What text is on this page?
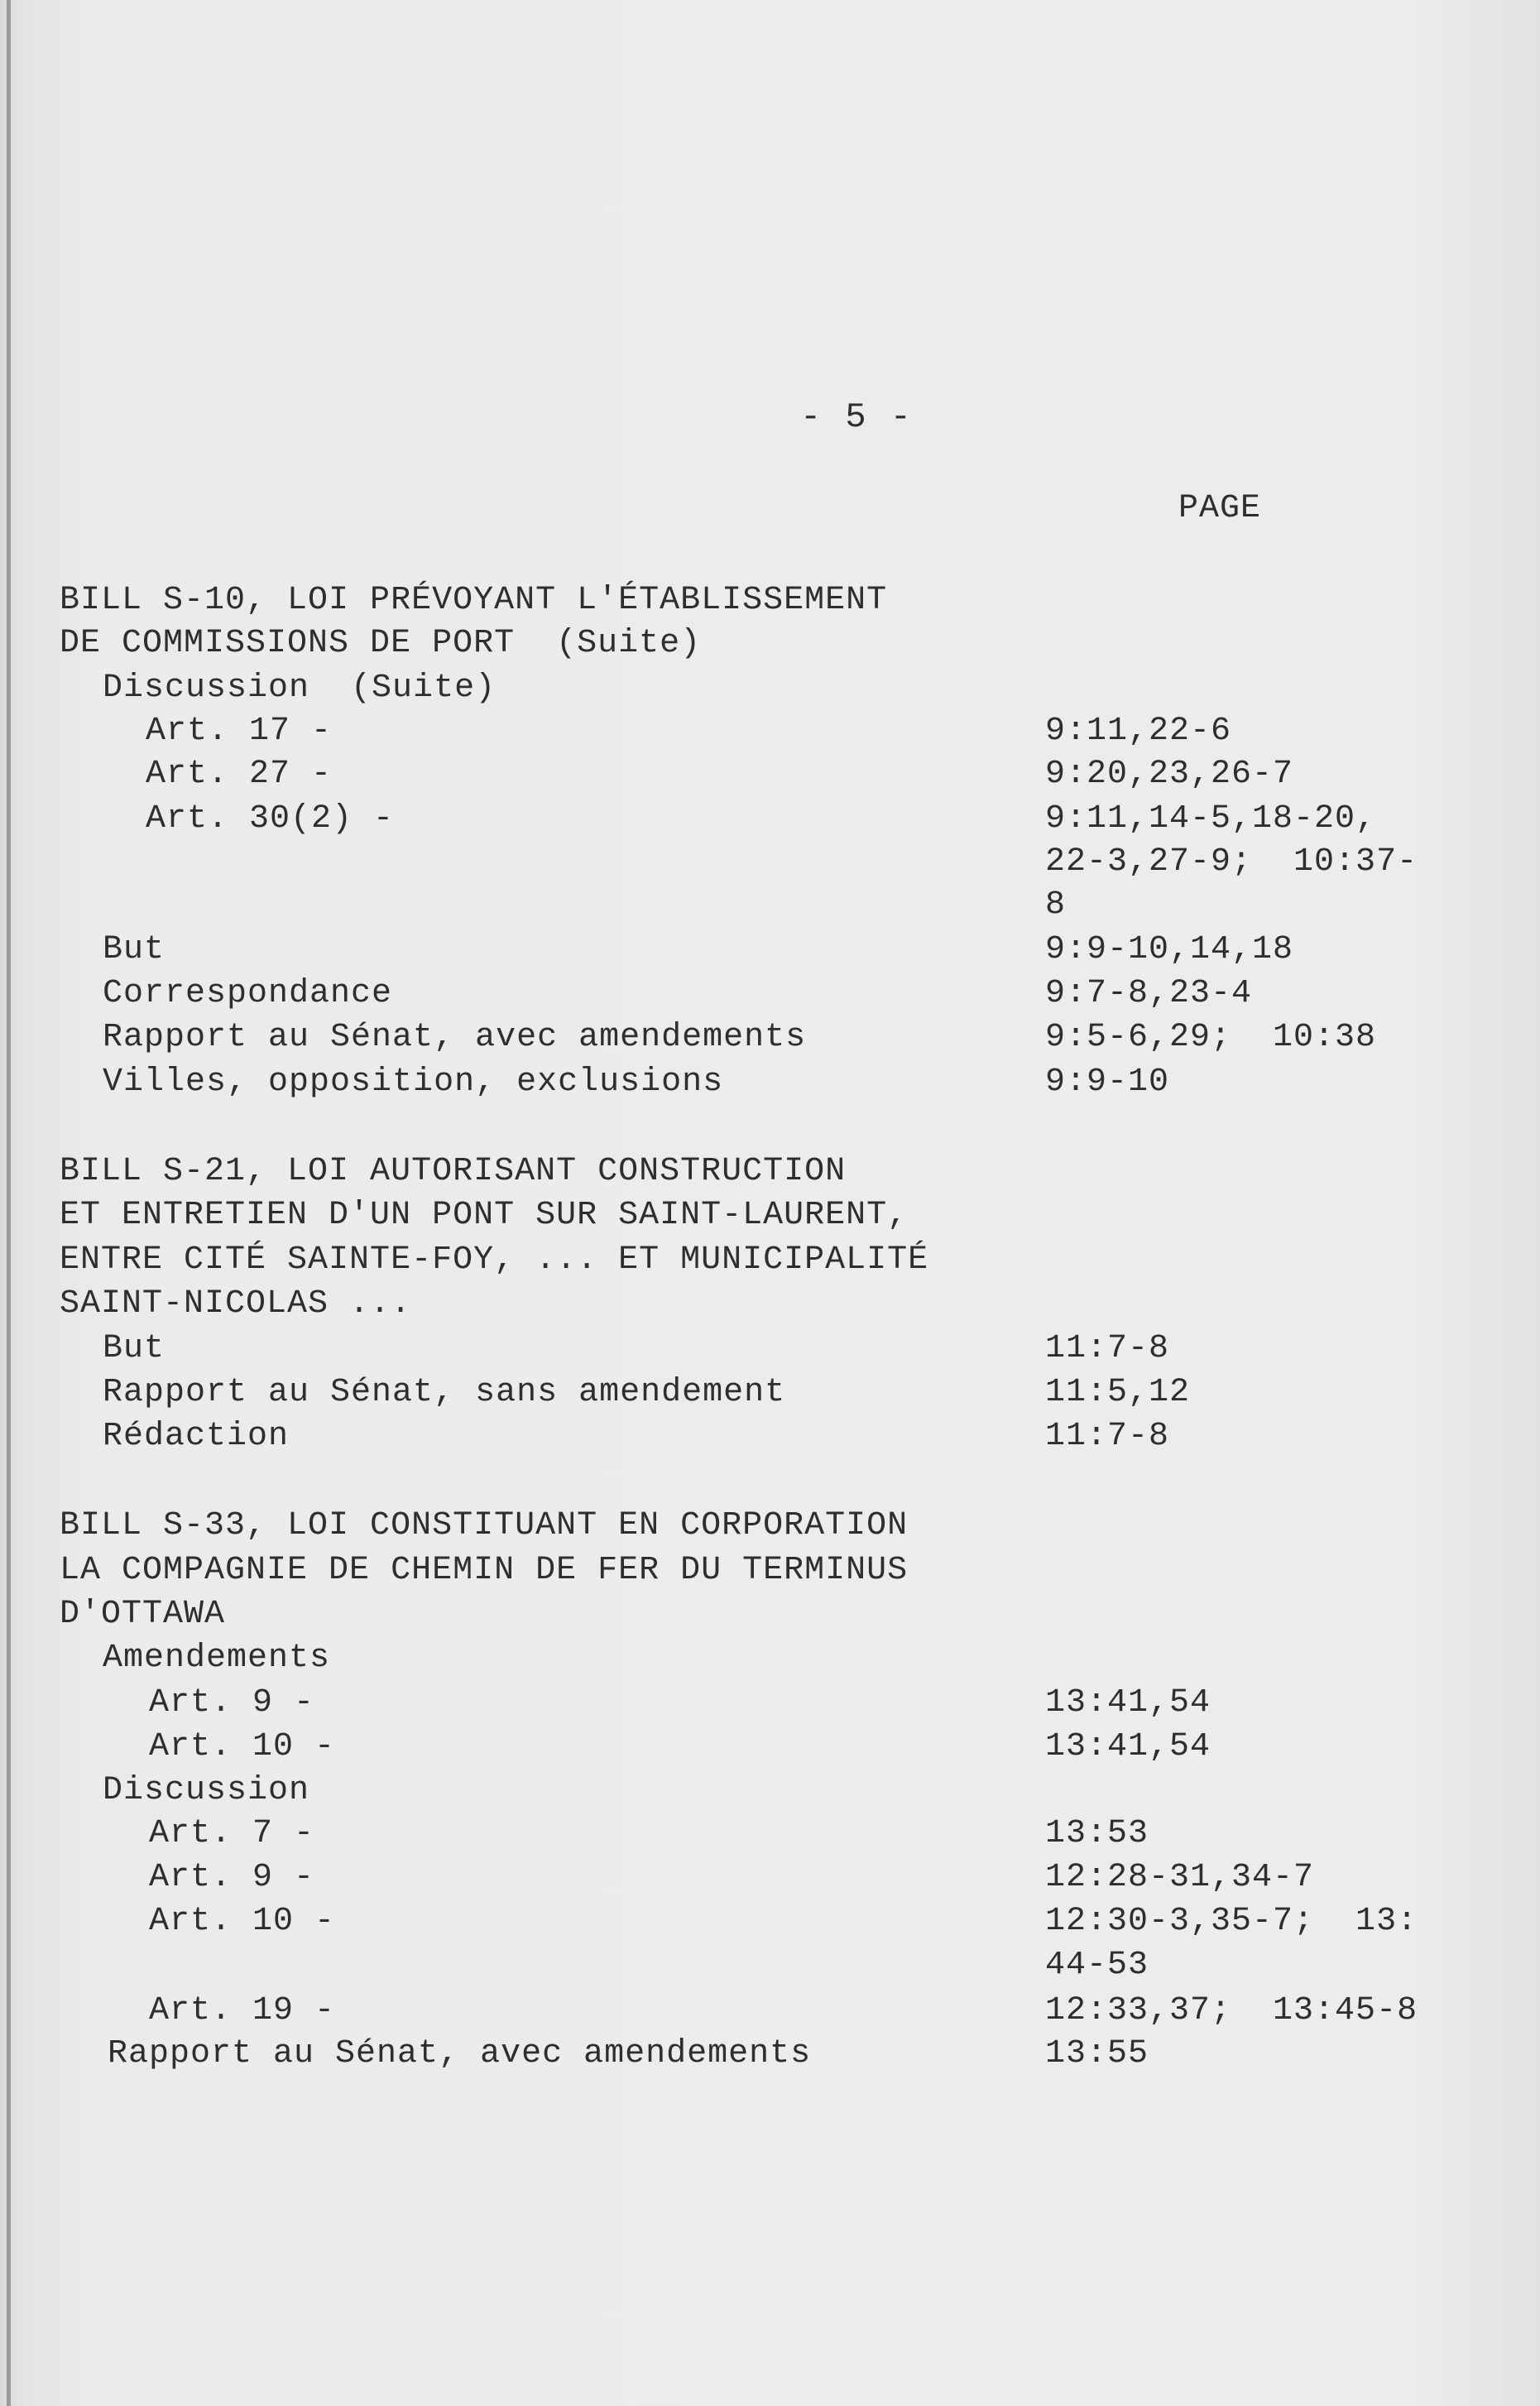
- 5 -
PAGE
BILL S-10, LOI PRÉVOYANT L'ÉTABLISSEMENT
DE COMMISSIONS DE PORT  (Suite)
Discussion  (Suite)
Art. 17 -	9:11,22-6
Art. 27 -	9:20,23,26-7
Art. 30(2) -	9:11,14-5,18-20,
22-3,27-9;  10:37-
8
But	9:9-10,14,18
Correspondance	9:7-8,23-4
Rapport au Sénat, avec amendements	9:5-6,29;  10:38
Villes, opposition, exclusions	9:9-10
BILL S-21, LOI AUTORISANT CONSTRUCTION
ET ENTRETIEN D'UN PONT SUR SAINT-LAURENT,
ENTRE CITÉ SAINTE-FOY, ... ET MUNICIPALITÉ
SAINT-NICOLAS ...
But	11:7-8
Rapport au Sénat, sans amendement	11:5,12
Rédaction	11:7-8
BILL S-33, LOI CONSTITUANT EN CORPORATION
LA COMPAGNIE DE CHEMIN DE FER DU TERMINUS
D'OTTAWA
Amendements
Art. 9 -	13:41,54
Art. 10 -	13:41,54
Discussion
Art. 7 -	13:53
Art. 9 -	12:28-31,34-7
Art. 10 -	12:30-3,35-7;  13:
44-53
Art. 19 -	12:33,37;  13:45-8
Rapport au Sénat, avec amendements	13:55
